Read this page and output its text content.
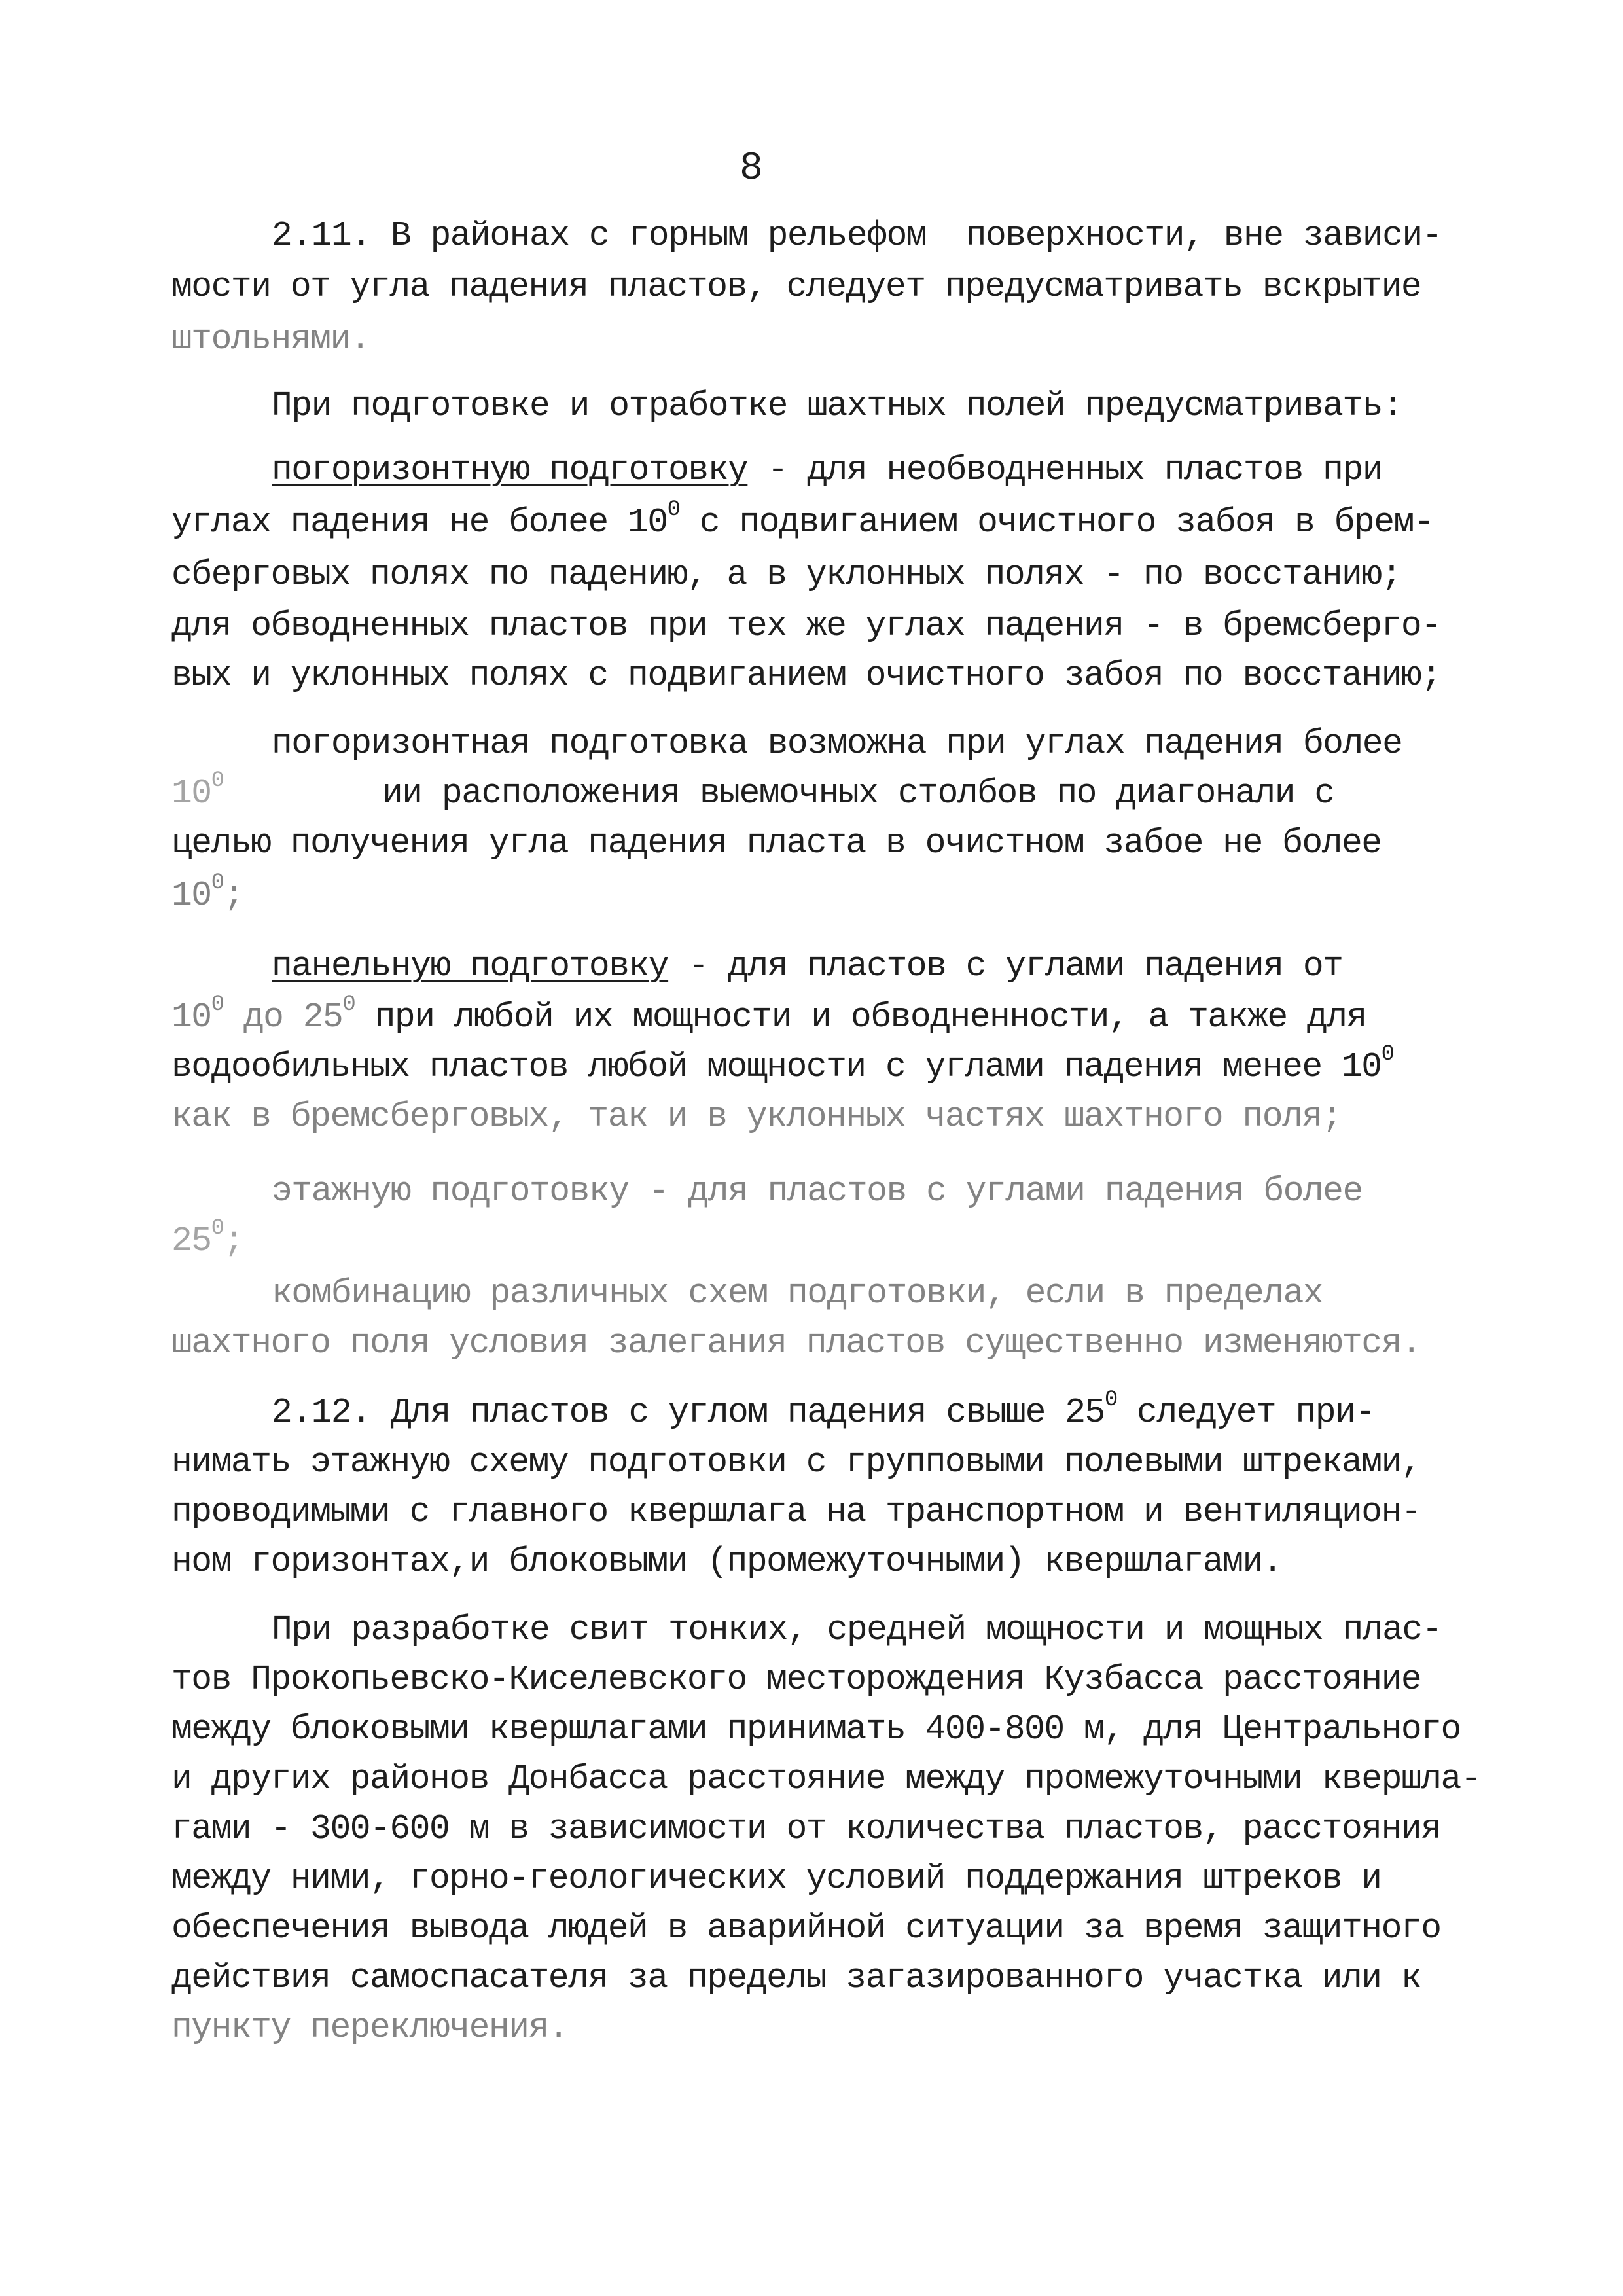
8
2.11. В районах с горным рельефом  поверхности, вне зависи-
мости от угла падения пластов, следует предусматривать вскрытие
штольнями.
При подготовке и отработке шахтных полей предусматривать:
погоризонтную подготовку - для необводненных пластов при
углах падения не более $10^0$ с подвиганием очистного забоя в брем-
сберговых полях по падению, а в уклонных полях - по восстанию;
для обводненных пластов при тех же углах падения - в бремсберго-
вых и уклонных полях с подвиганием очистного забоя по восстанию;
погоризонтная подготовка возможна при углах падения более
$10^0$        ии расположения выемочных столбов по диагонали с
целью получения угла падения пласта в очистном забое не более
$10^0$;
панельную подготовку - для пластов с углами падения от
$10^0$ до $25^0$ при любой их мощности и обводненности, а также для
водообильных пластов любой мощности с углами падения менее $10^0$
как в бремсберговых, так и в уклонных частях шахтного поля;
этажную подготовку - для пластов с углами падения более
$25^0$;
комбинацию различных схем подготовки, если в пределах
шахтного поля условия залегания пластов существенно изменяются.
2.12. Для пластов с углом падения свыше $25^0$ следует при-
нимать этажную схему подготовки с групповыми полевыми штреками,
проводимыми с главного квершлага на транспортном и вентиляцион-
ном горизонтах,и блоковыми (промежуточными) квершлагами.
При разработке свит тонких, средней мощности и мощных плас-
тов Прокопьевско-Киселевского месторождения Кузбасса расстояние
между блоковыми квершлагами принимать 400-800 м, для Центрального
и других районов Донбасса расстояние между промежуточными квершла-
гами - 300-600 м в зависимости от количества пластов, расстояния
между ними, горно-геологических условий поддержания штреков и
обеспечения вывода людей в аварийной ситуации за время защитного
действия самоспасателя за пределы загазированного участка или к
пункту переключения.
